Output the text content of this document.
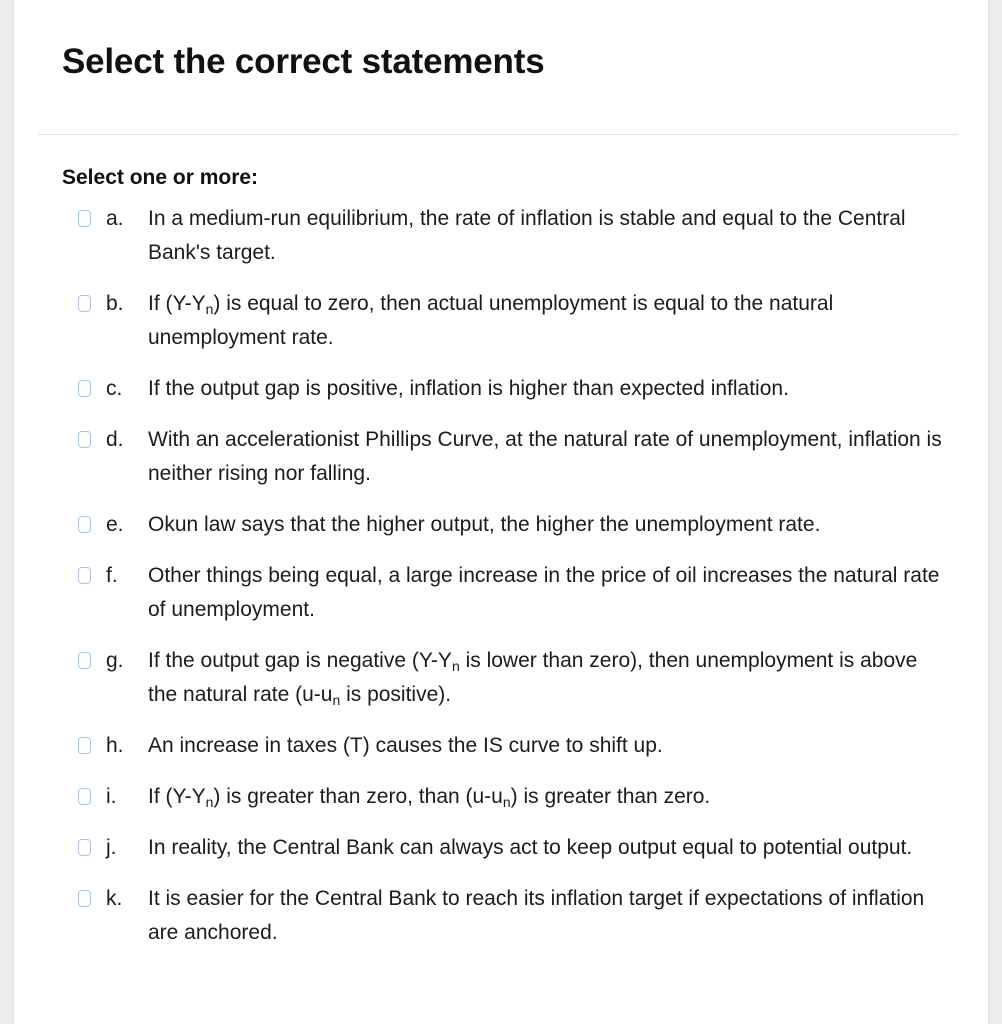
Select the correct statements
Select one or more:
a.	In a medium-run equilibrium, the rate of inflation is stable and equal to the Central Bank's target.
b.	If $(Y-Y_n)$ is equal to zero, then actual unemployment is equal to the natural unemployment rate.
c.	If the output gap is positive, inflation is higher than expected inflation.
d.	With an accelerationist Phillips Curve, at the natural rate of unemployment, inflation is neither rising nor falling.
e.	Okun law says that the higher output, the higher the unemployment rate.
f.	Other things being equal, a large increase in the price of oil increases the natural rate of unemployment.
g.	If the output gap is negative ($Y-Y_n$ is lower than zero), then unemployment is above the natural rate ($u-u_n$ is positive).
h.	An increase in taxes (T) causes the IS curve to shift up.
i.	If $(Y-Y_n)$ is greater than zero, than $(u-u_n)$ is greater than zero.
j.	In reality, the Central Bank can always act to keep output equal to potential output.
k.	It is easier for the Central Bank to reach its inflation target if expectations of inflation are anchored.
